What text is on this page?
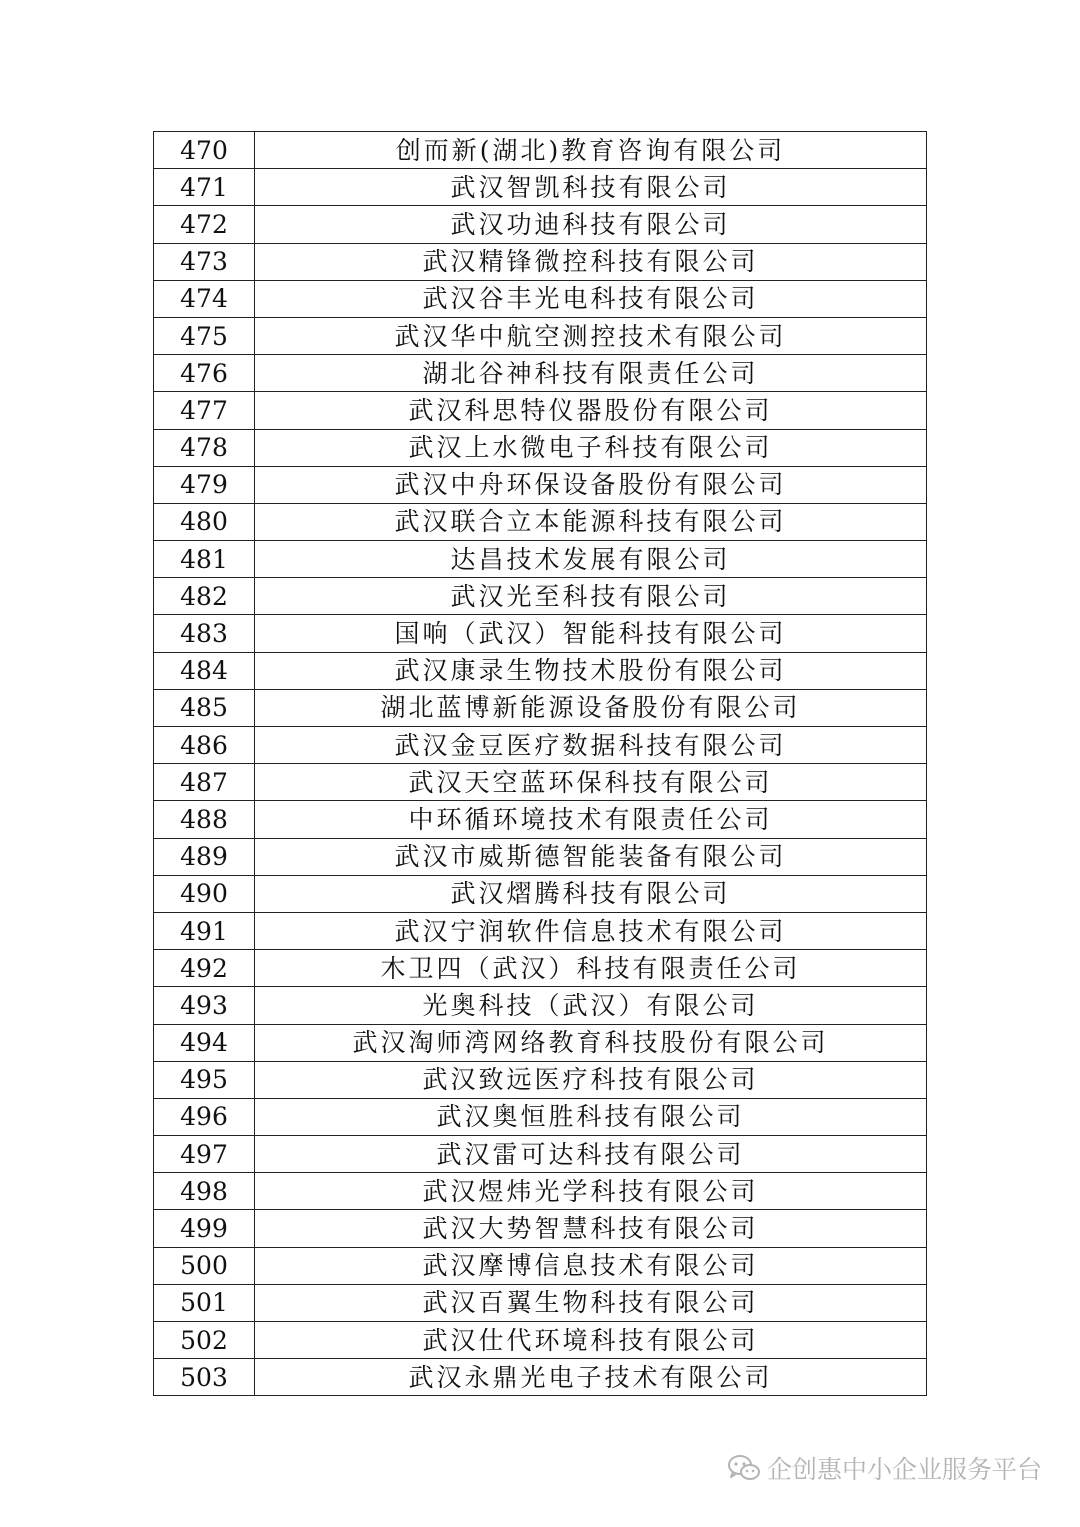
470	创而新(湖北)教育咨询有限公司
471	武汉智凯科技有限公司
472	武汉功迪科技有限公司
473	武汉精锋微控科技有限公司
474	武汉谷丰光电科技有限公司
475	武汉华中航空测控技术有限公司
476	湖北谷神科技有限责任公司
477	武汉科思特仪器股份有限公司
478	武汉上水微电子科技有限公司
479	武汉中舟环保设备股份有限公司
480	武汉联合立本能源科技有限公司
481	达昌技术发展有限公司
482	武汉光至科技有限公司
483	国响（武汉）智能科技有限公司
484	武汉康录生物技术股份有限公司
485	湖北蓝博新能源设备股份有限公司
486	武汉金豆医疗数据科技有限公司
487	武汉天空蓝环保科技有限公司
488	中环循环境技术有限责任公司
489	武汉市威斯德智能装备有限公司
490	武汉熠腾科技有限公司
491	武汉宁润软件信息技术有限公司
492	木卫四（武汉）科技有限责任公司
493	光奥科技（武汉）有限公司
494	武汉淘师湾网络教育科技股份有限公司
495	武汉致远医疗科技有限公司
496	武汉奥恒胜科技有限公司
497	武汉雷可达科技有限公司
498	武汉煜炜光学科技有限公司
499	武汉大势智慧科技有限公司
500	武汉摩博信息技术有限公司
501	武汉百翼生物科技有限公司
502	武汉仕代环境科技有限公司
503	武汉永鼎光电子技术有限公司
企创惠中小企业服务平台
